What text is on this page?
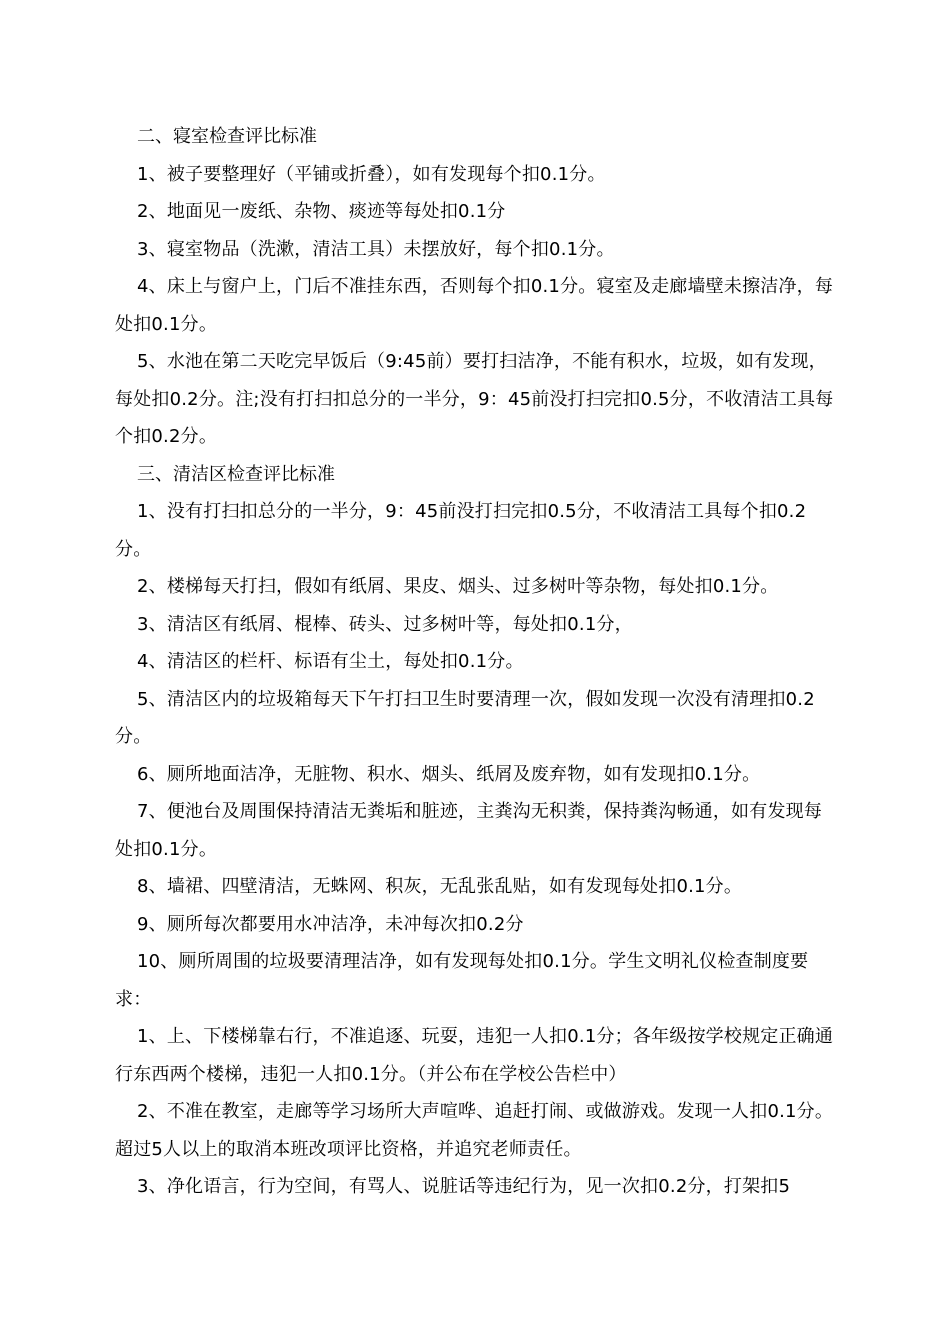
二、寝室检查评比标准

1、被子要整理好（平铺或折叠），如有发现每个扣0.1分。

2、地面见一废纸、杂物、痰迹等每处扣0.1分

3、寝室物品（洗漱，清洁工具）未摆放好，每个扣0.1分。

4、床上与窗户上，门后不准挂东西，否则每个扣0.1分。寝室及走廊墙壁未擦洁净，每处扣0.1分。

5、水池在第二天吃完早饭后（9:45前）要打扫洁净，不能有积水，垃圾，如有发现，每处扣0.2分。注;没有打扫扣总分的一半分，9：45前没打扫完扣0.5分，不收清洁工具每个扣0.2分。

三、清洁区检查评比标准

1、没有打扫扣总分的一半分，9：45前没打扫完扣0.5分，不收清洁工具每个扣0.2分。

2、楼梯每天打扫，假如有纸屑、果皮、烟头、过多树叶等杂物，每处扣0.1分。

3、清洁区有纸屑、棍棒、砖头、过多树叶等，每处扣0.1分，

4、清洁区的栏杆、标语有尘土，每处扣0.1分。

5、清洁区内的垃圾箱每天下午打扫卫生时要清理一次，假如发现一次没有清理扣0.2分。

6、厕所地面洁净，无脏物、积水、烟头、纸屑及废弃物，如有发现扣0.1分。

7、便池台及周围保持清洁无粪垢和脏迹，主粪沟无积粪，保持粪沟畅通，如有发现每处扣0.1分。

8、墙裙、四壁清洁，无蛛网、积灰，无乱张乱贴，如有发现每处扣0.1分。

9、厕所每次都要用水冲洁净，未冲每次扣0.2分

10、厕所周围的垃圾要清理洁净，如有发现每处扣0.1分。学生文明礼仪检查制度要求：

1、上、下楼梯靠右行，不准追逐、玩耍，违犯一人扣0.1分；各年级按学校规定正确通行东西两个楼梯，违犯一人扣0.1分。（并公布在学校公告栏中）

2、不准在教室，走廊等学习场所大声喧哗、追赶打闹、或做游戏。发现一人扣0.1分。超过5人以上的取消本班改项评比资格，并追究老师责任。

3、净化语言，行为空间，有骂人、说脏话等违纪行为，见一次扣0.2分，打架扣5
